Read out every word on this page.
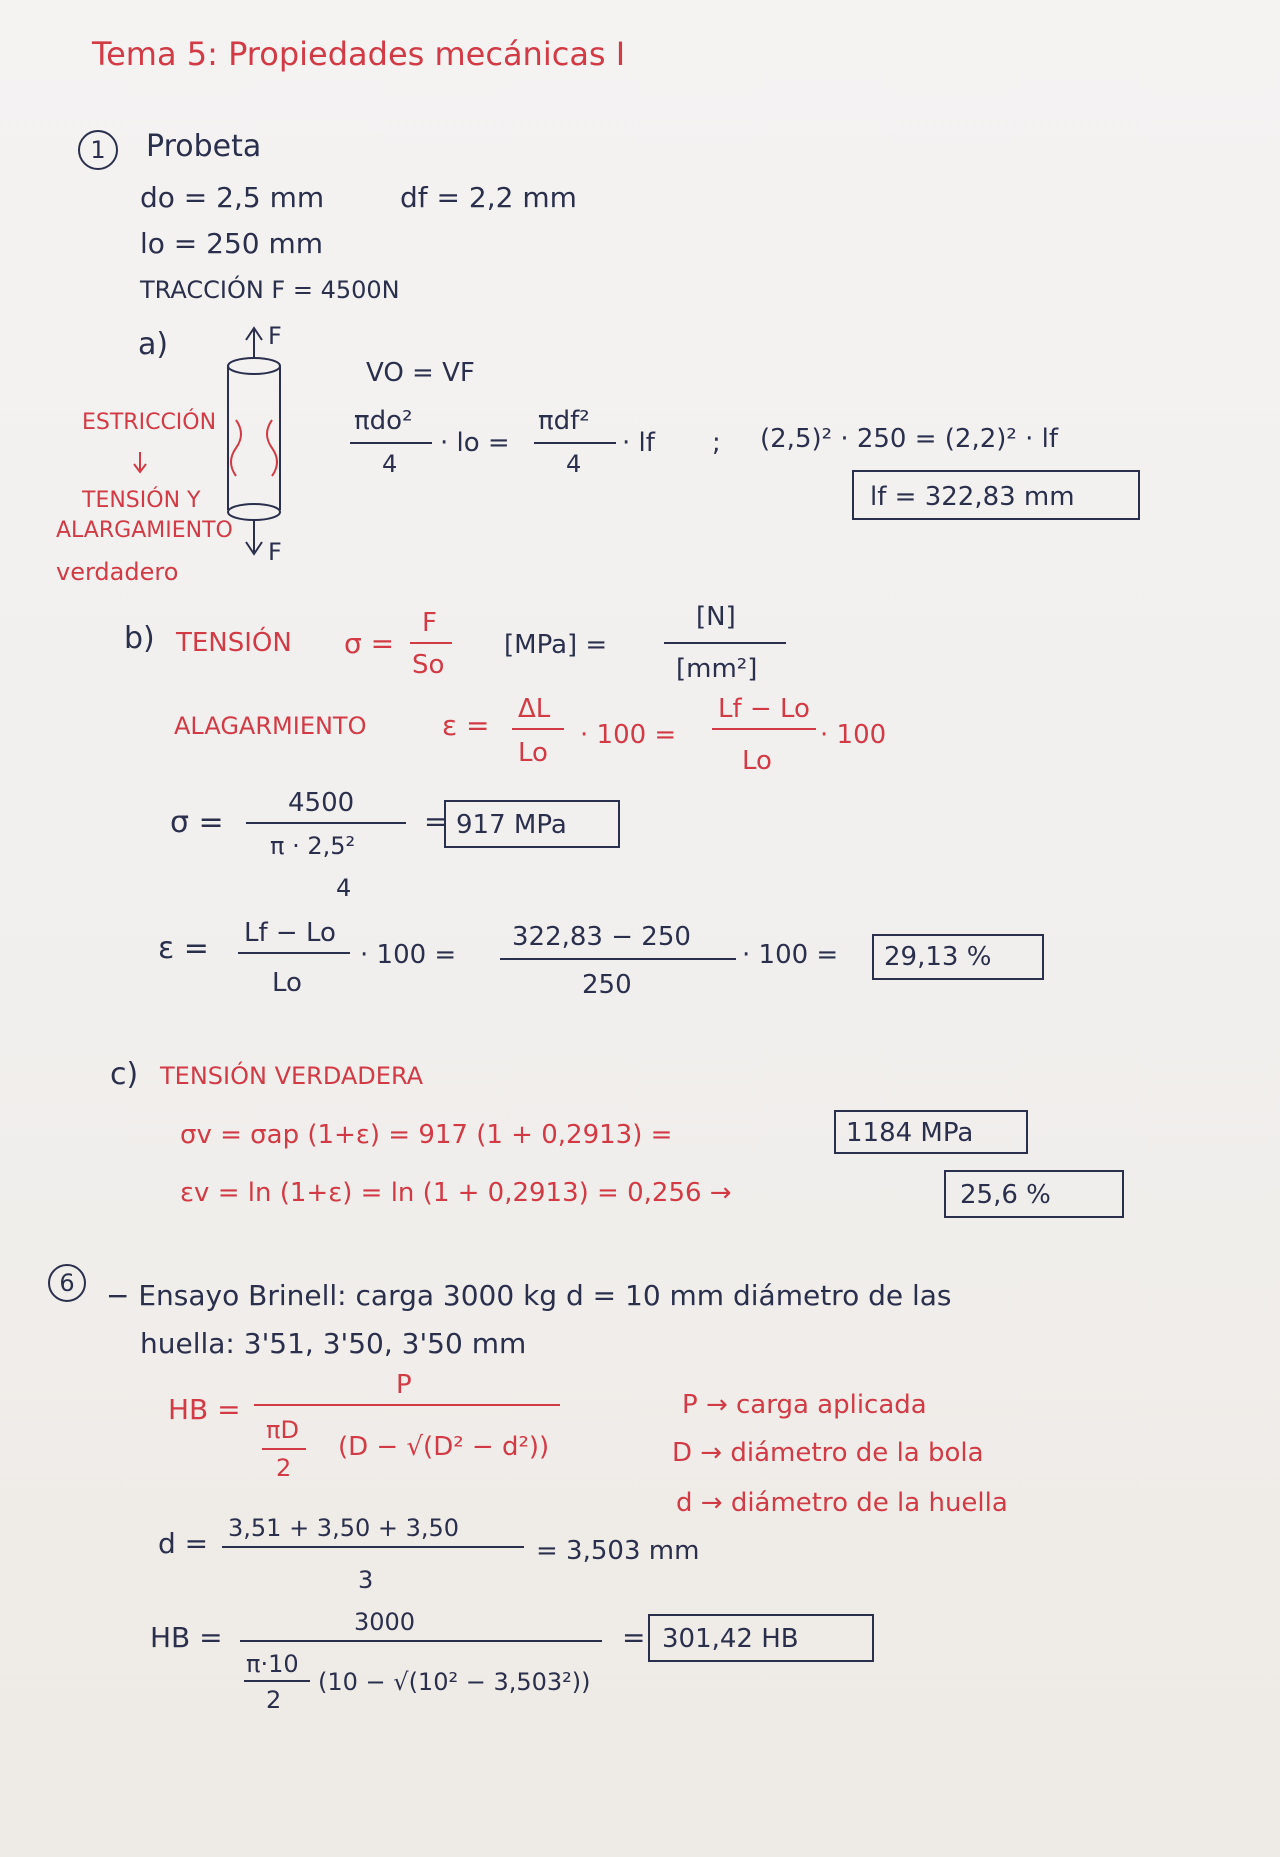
Tema 5: Propiedades mecánicas I
1	Probeta
do = 2,5 mm	df = 2,2 mm
lo = 250 mm
TRACCIÓN F = 4500N
a)	F
F
ESTRICCIÓN
TENSIÓN Y
ALARGAMIENTO
verdadero
VO = VF
πdo²
4
· lo =
πdf²
4
· lf ; (2,5)² · 250 = (2,2)² · lf
lf = 322,83 mm
b) TENSIÓN σ =
F
So
[MPa] =
[N]
[mm²]
ALAGARMIENTO	ε = ΔL
Lo
· 100 =
Lf − Lo
Lo
· 100
σ =
4500
π · 2,5²
4
= 917 MPa
ε = Lf − Lo
Lo
· 100 =
322,83 − 250
250
· 100 = 29,13 %
c) TENSIÓN VERDADERA
σv = σap (1+ε) = 917 (1 + 0,2913) =	1184 MPa
εv = ln (1+ε) = ln (1 + 0,2913) = 0,256 →	25,6 %
6	− Ensayo Brinell: carga 3000 kg d = 10 mm diámetro de las
huella: 3'51, 3'50, 3'50 mm
HB =
P
πD
2
(D − √(D² − d²))
P → carga aplicada
D → diámetro de la bola
d → diámetro de la huella
d = 3,51 + 3,50 + 3,50
3
= 3,503 mm
HB =	3000
π·10
2
(10 − √(10² − 3,503²))
= 301,42 HB
